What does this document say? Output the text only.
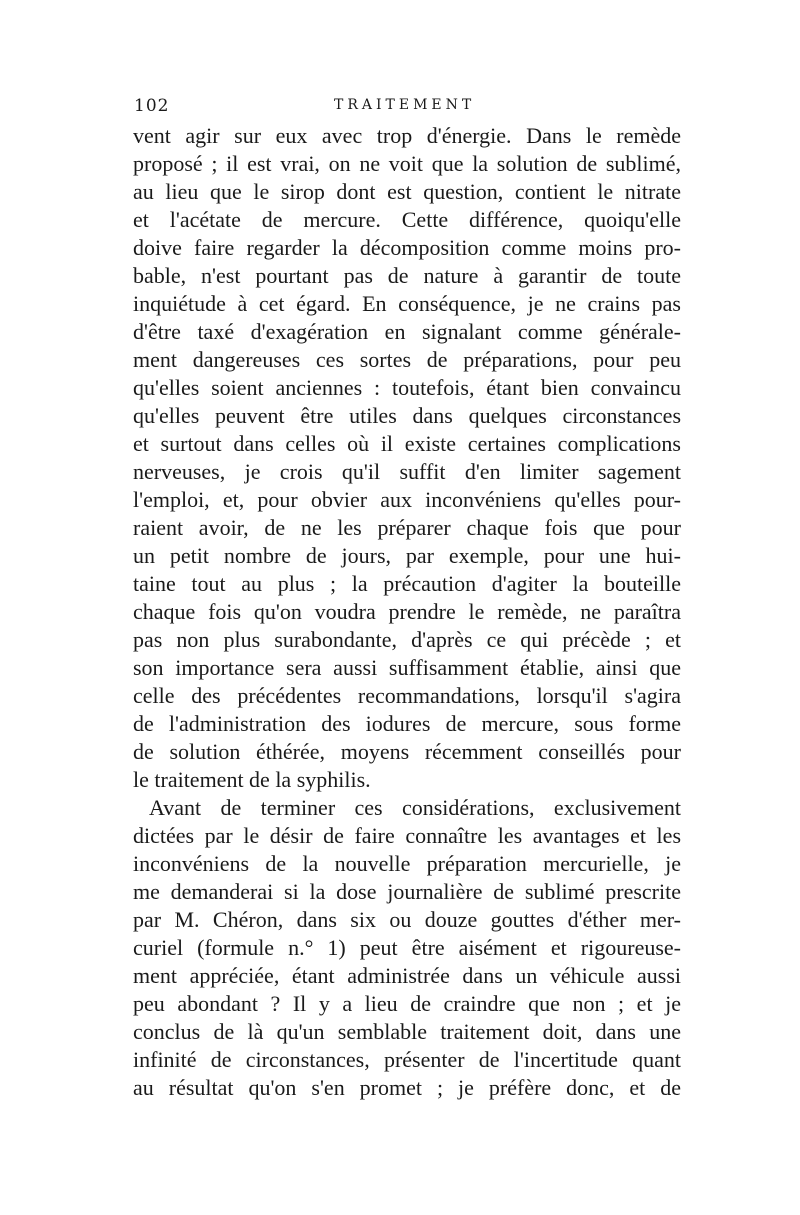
102	TRAITEMENT
vent agir sur eux avec trop d'énergie. Dans le remède
proposé ; il est vrai, on ne voit que la solution de sublimé,
au lieu que le sirop dont est question, contient le nitrate
et l'acétate de mercure. Cette différence, quoiqu'elle
doive faire regarder la décomposition comme moins pro-
bable, n'est pourtant pas de nature à garantir de toute
inquiétude à cet égard. En conséquence, je ne crains pas
d'être taxé d'exagération en signalant comme générale-
ment dangereuses ces sortes de préparations, pour peu
qu'elles soient anciennes : toutefois, étant bien convaincu
qu'elles peuvent être utiles dans quelques circonstances
et surtout dans celles où il existe certaines complications
nerveuses, je crois qu'il suffit d'en limiter sagement
l'emploi, et, pour obvier aux inconvéniens qu'elles pour-
raient avoir, de ne les préparer chaque fois que pour
un petit nombre de jours, par exemple, pour une hui-
taine tout au plus ; la précaution d'agiter la bouteille
chaque fois qu'on voudra prendre le remède, ne paraîtra
pas non plus surabondante, d'après ce qui précède ; et
son importance sera aussi suffisamment établie, ainsi que
celle des précédentes recommandations, lorsqu'il s'agira
de l'administration des iodures de mercure, sous forme
de solution éthérée, moyens récemment conseillés pour
le traitement de la syphilis.
Avant de terminer ces considérations, exclusivement
dictées par le désir de faire connaître les avantages et les
inconvéniens de la nouvelle préparation mercurielle, je
me demanderai si la dose journalière de sublimé prescrite
par M. Chéron, dans six ou douze gouttes d'éther mer-
curiel (formule n.° 1) peut être aisément et rigoureuse-
ment appréciée, étant administrée dans un véhicule aussi
peu abondant ? Il y a lieu de craindre que non ; et je
conclus de là qu'un semblable traitement doit, dans une
infinité de circonstances, présenter de l'incertitude quant
au résultat qu'on s'en promet ; je préfère donc, et de
